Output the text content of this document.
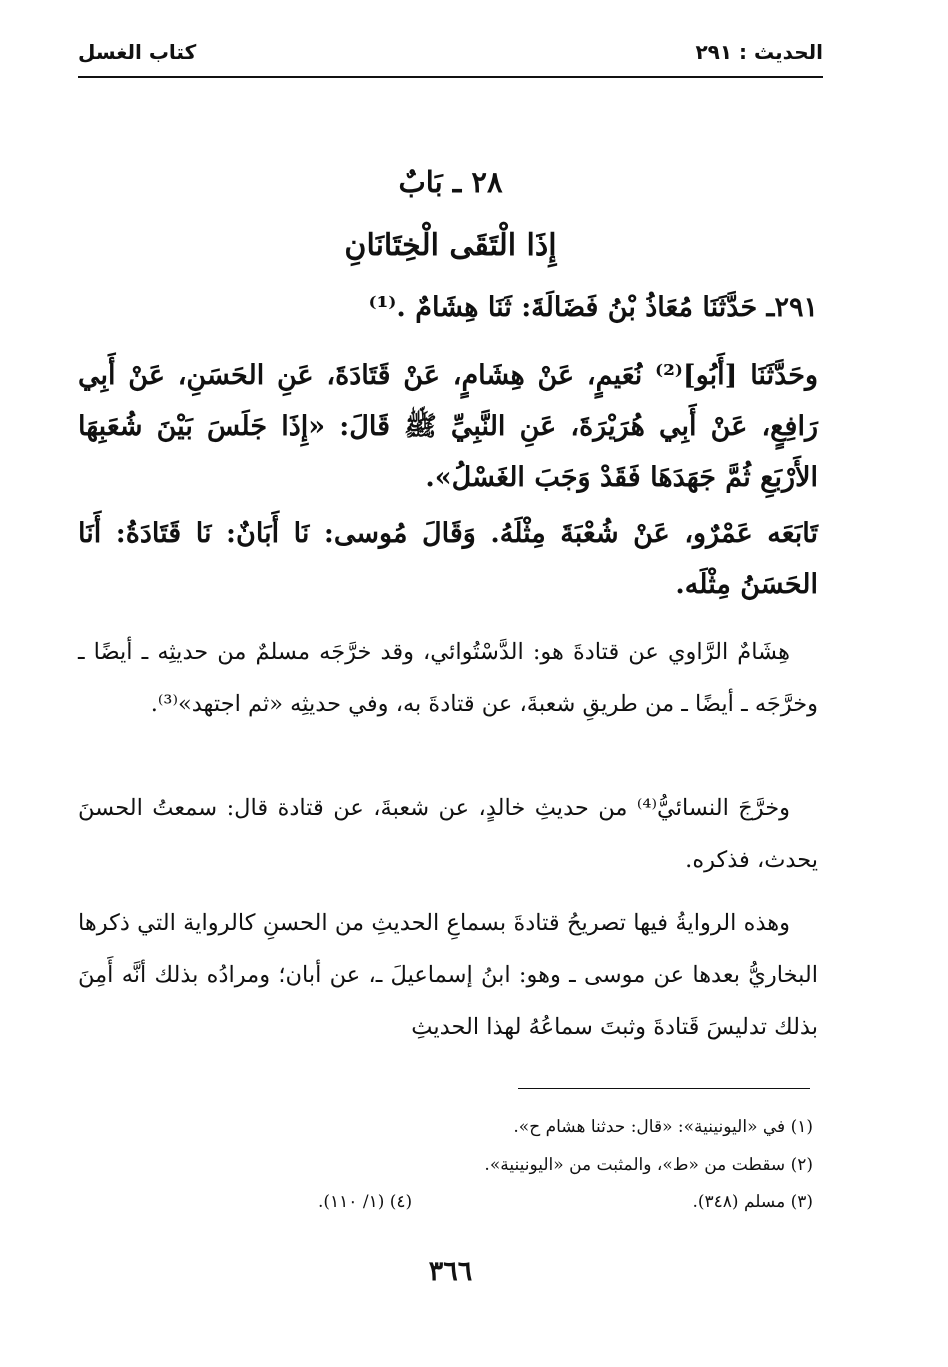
الحديث : ٢٩١
كتاب الغسل
٢٨ ـ بَابٌ
إِذَا الْتَقَى الْخِتَانَانِ

٢٩١ـ حَدَّثَنَا مُعَاذُ بْنُ فَضَالَةَ: ثَنَا هِشَامٌ .⁽¹⁾

وحَدَّثَنَا [أَبُو]⁽²⁾ نُعَيمٍ، عَنْ هِشَامٍ، عَنْ قَتَادَةَ، عَنِ الحَسَنِ، عَنْ أَبِي رَافِعٍ، عَنْ أَبِي هُرَيْرَةَ، عَنِ النَّبِيِّ ﷺ قَالَ: «إِذَا جَلَسَ بَيْنَ شُعَبِهَا الأَرْبَعِ ثُمَّ جَهَدَهَا فَقَدْ وَجَبَ الغَسْلُ».

تَابَعَه عَمْرٌو، عَنْ شُعْبَةَ مِثْلَهُ. وَقَالَ مُوسى: نَا أَبَانٌ: نَا قَتَادَةُ: أَنَا الحَسَنُ مِثْلَه.

هِشَامٌ الرَّاوي عن قتادةَ هو: الدَّسْتُوائي، وقد خرَّجَه مسلمٌ من حديثِه ـ أيضًا ـ وخرَّجَه ـ أيضًا ـ من طريقِ شعبةَ، عن قتادةَ به، وفي حديثِه «ثم اجتهد»⁽³⁾.

وخرَّجَ النسائيُّ⁽⁴⁾ من حديثِ خالدٍ، عن شعبةَ، عن قتادة قال: سمعتُ الحسنَ يحدث، فذكره.

وهذه الروايةُ فيها تصريحُ قتادةَ بسماعِ الحديثِ من الحسنِ كالرواية التي ذكرها البخاريُّ بعدها عن موسى ـ وهو: ابنُ إسماعيلَ ـ، عن أبان؛ ومرادُه بذلك أنَّه أَمِنَ بذلك تدليسَ قَتادةَ وثبتَ سماعُهُ لهذا الحديثِ

(١) في «اليونينية»: «قال: حدثنا هشام ح».
(٢) سقطت من «ط»، والمثبت من «اليونينية».
(٣) مسلم (٣٤٨).
(٤) (١/ ١١٠).
٣٦٦
